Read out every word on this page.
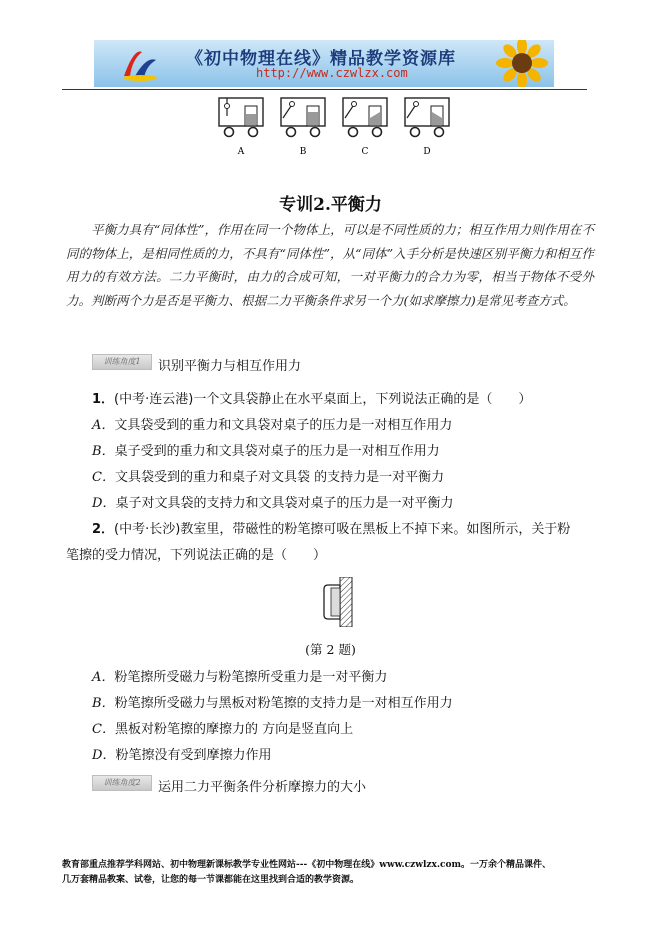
《初中物理在线》精品教学资源库
http://www.czwlzx.com
A	B	C	D
专训2.平衡力
平衡力具有“同体性”，作用在同一个物体上，可以是不同性质的力；相互作用力则作用在不同的物体上，是相同性质的力，不具有“同体性”，从“同体”入手分析是快速区别平衡力和相互作用力的有效方法。二力平衡时，由力的合成可知，一对平衡力的合力为零，相当于物体不受外力。判断两个力是否是平衡力、根据二力平衡条件求另一个力(如求摩擦力)是常见考查方式。
训练角度1	识别平衡力与相互作用力
1．(中考·连云港)一个文具袋静止在水平桌面上，下列说法正确的是（　　）
A．文具袋受到的重力和文具袋对桌子的压力是一对相互作用力
B．桌子受到的重力和文具袋对桌子的压力是一对相互作用力
C．文具袋受到的重力和桌子对文具袋 的支持力是一对平衡力
D．桌子对文具袋的支持力和文具袋对桌子的压力是一对平衡力
2．(中考·长沙)教室里，带磁性的粉笔擦可吸在黑板上不掉下来。如图所示，关于粉
笔擦的受力情况，下列说法正确的是（　　）
(第 2 题)
A．粉笔擦所受磁力与粉笔擦所受重力是一对平衡力
B．粉笔擦所受磁力与黑板对粉笔擦的支持力是一对相互作用力
C．黑板对粉笔擦的摩擦力的 方向是竖直向上
D．粉笔擦没有受到摩擦力作用
训练角度2	运用二力平衡条件分析摩擦力的大小
教育部重点推荐学科网站、初中物理新课标教学专业性网站---《初中物理在线》www.czwlzx.com。一万余个精品课件、
几万套精品教案、试卷，让您的每一节课都能在这里找到合适的教学资源。
